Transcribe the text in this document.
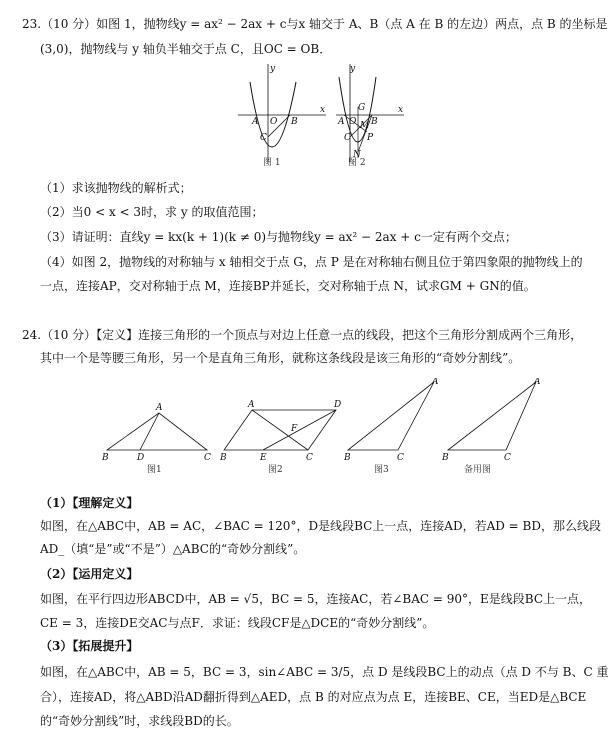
23.（10 分）如图 1，抛物线y = ax² − 2ax + c与x 轴交于 A、B（点 A 在 B 的左边）两点，点 B 的坐标是
(3,0)，抛物线与 y 轴负半轴交于点 C，且OC = OB．
y
x
A O B
C
图 1
y
x
G
A O M B
C P
N
图 2
（1）求该抛物线的解析式；
（2）当0 < x < 3时，求 y 的取值范围；
（3）请证明：直线y = kx(k + 1)(k ≠ 0)与抛物线y = ax² − 2ax + c一定有两个交点；
（4）如图 2，抛物线的对称轴与 x 轴相交于点 G，点 P 是在对称轴右侧且位于第四象限的抛物线上的
一点，连接AP，交对称轴于点 M，连接BP并延长，交对称轴于点 N，试求GM + GN的值。
24.（10 分）【定义】连接三角形的一个顶点与对边上任意一点的线段，把这个三角形分割成两个三角形，
其中一个是等腰三角形，另一个是直角三角形，就称这条线段是该三角形的“奇妙分割线”。
A
B	D	C
图1
A	D
F
B	E	C
图2
A
B	C
图3
A
B	C
备用图
（1）【理解定义】
如图，在△ABC中，AB = AC，∠BAC = 120°，D是线段BC上一点，连接AD，若AD = BD，那么线段
AD_（填“是”或“不是”）△ABC的“奇妙分割线”。
（2）【运用定义】
如图，在平行四边形ABCD中，AB = √5，BC = 5，连接AC，若∠BAC = 90°，E是线段BC上一点，
CE = 3，连接DE交AC与点F．求证：线段CF是△DCE的“奇妙分割线”。
（3）【拓展提升】
如图，在△ABC中，AB = 5，BC = 3，sin∠ABC = 3/5，点 D 是线段BC上的动点（点 D 不与 B、C 重
合），连接AD，将△ABD沿AD翻折得到△AED，点 B 的对应点为点 E，连接BE、CE，当ED是△BCE
的“奇妙分割线”时，求线段BD的长。
